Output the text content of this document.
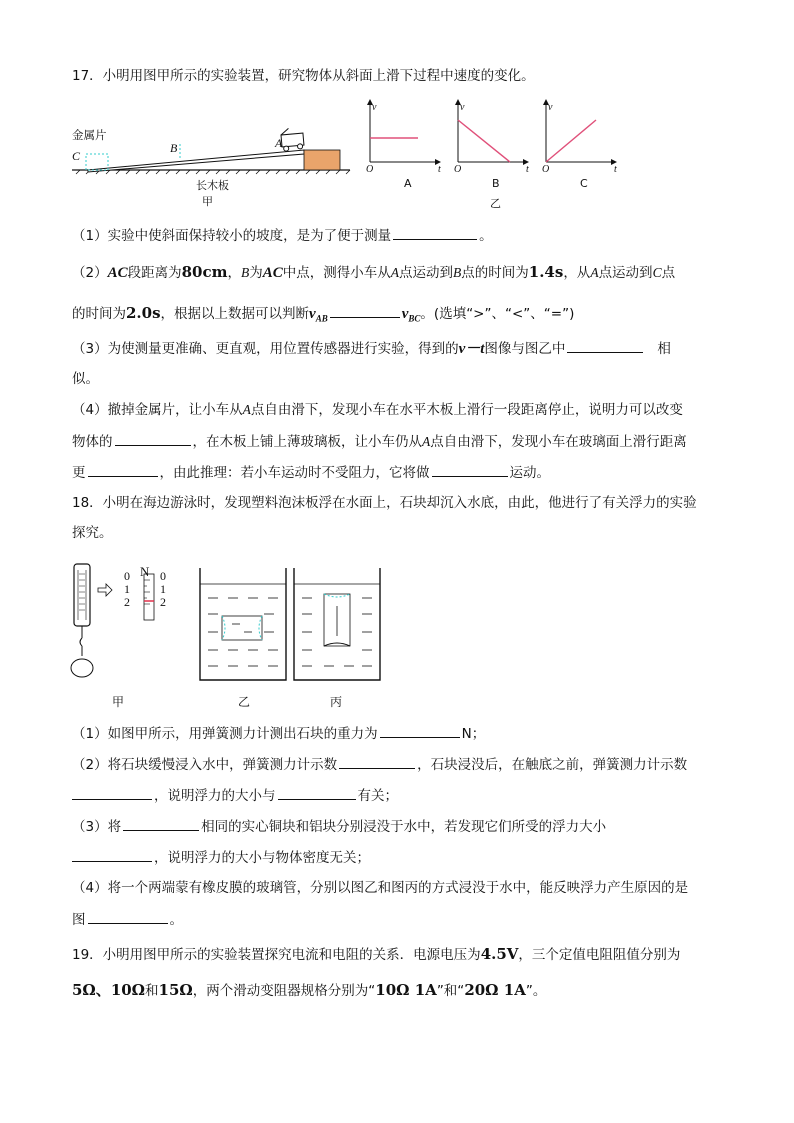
17．小明用图甲所示的实验装置，研究物体从斜面上滑下过程中速度的变化。
金属片
C
B	A
长木板
甲
v	v	v
O	O	O
t	t	t
A	B	C
乙
（1）实验中使斜面保持较小的坡度，是为了便于测量	。
（2）AC段距离为80cm，B为AC中点，测得小车从A点运动到B点的时间为1.4s，从A点运动到C点
的时间为2.0s，根据以上数据可以判断$v_{AB}$	$v_{BC}$。(选填“>”、“<”、“=”)
（3）为使测量更准确、更直观，用位置传感器进行实验，得到的v－t图像与图乙中	相
似。
（4）撤掉金属片，让小车从A点自由滑下，发现小车在水平木板上滑行一段距离停止，说明力可以改变
物体的	，在木板上铺上薄玻璃板，让小车仍从A点自由滑下，发现小车在玻璃面上滑行距离
更	，由此推理：若小车运动时不受阻力，它将做	运动。
18．小明在海边游泳时，发现塑料泡沫板浮在水面上，石块却沉入水底，由此，他进行了有关浮力的实验
探究。
N
0
1
2
0
1
2
甲	乙	丙
（1）如图甲所示，用弹簧测力计测出石块的重力为	N；
（2）将石块缓慢浸入水中，弹簧测力计示数	，石块浸没后，在触底之前，弹簧测力计示数
，说明浮力的大小与	有关；
（3）将	相同的实心铜块和铝块分别浸没于水中，若发现它们所受的浮力大小
，说明浮力的大小与物体密度无关；
（4）将一个两端蒙有橡皮膜的玻璃管，分别以图乙和图丙的方式浸没于水中，能反映浮力产生原因的是
图	。
19．小明用图甲所示的实验装置探究电流和电阻的关系．电源电压为4.5V，三个定值电阻阻值分别为
5Ω、10Ω和15Ω，两个滑动变阻器规格分别为“10Ω 1A”和“20Ω 1A”。
